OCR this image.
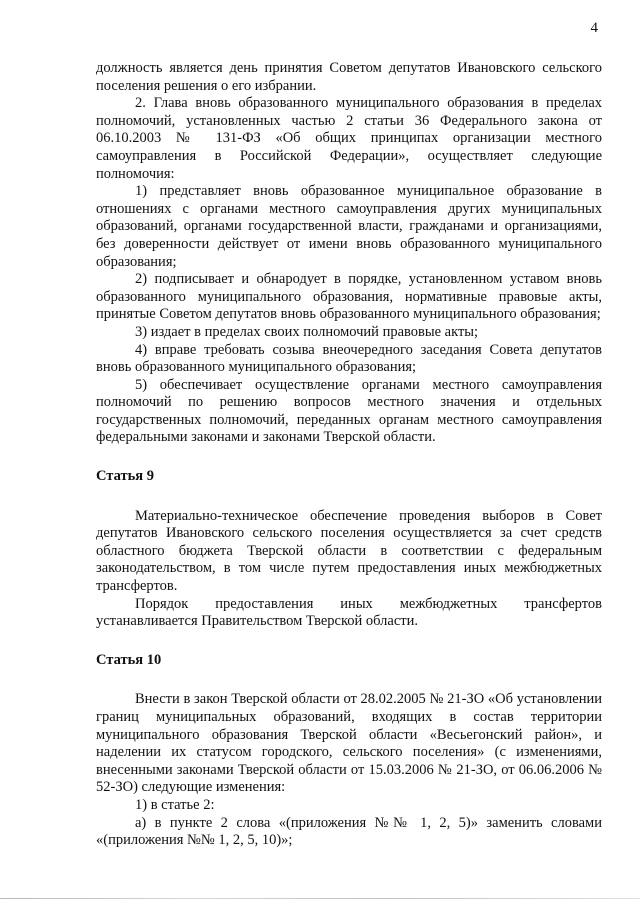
4

должность является день принятия Советом депутатов Ивановского сельского поселения решения о его избрании.

2. Глава вновь образованного муниципального образования в пределах полномочий, установленных частью 2 статьи 36 Федерального закона от 06.10.2003 № 131-ФЗ «Об общих принципах организации местного самоуправления в Российской Федерации», осуществляет следующие полномочия:

1) представляет вновь образованное муниципальное образование в отношениях с органами местного самоуправления других муниципальных образований, органами государственной власти, гражданами и организациями, без доверенности действует от имени вновь образованного муниципального образования;

2) подписывает и обнародует в порядке, установленном уставом вновь образованного муниципального образования, нормативные правовые акты, принятые Советом депутатов вновь образованного муниципального образования;

3) издает в пределах своих полномочий правовые акты;

4) вправе требовать созыва внеочередного заседания Совета депутатов вновь образованного муниципального образования;

5) обеспечивает осуществление органами местного самоуправления полномочий по решению вопросов местного значения и отдельных государственных полномочий, переданных органам местного самоуправления федеральными законами и законами Тверской области.

Статья 9

Материально-техническое обеспечение проведения выборов в Совет депутатов Ивановского сельского поселения осуществляется за счет средств областного бюджета Тверской области в соответствии с федеральным законодательством, в том числе путем предоставления иных межбюджетных трансфертов.

Порядок предоставления иных межбюджетных трансфертов устанавливается Правительством Тверской области.

Статья 10

Внести в закон Тверской области от 28.02.2005 № 21-ЗО «Об установлении границ муниципальных образований, входящих в состав территории муниципального образования Тверской области «Весьегонский район», и наделении их статусом городского, сельского поселения» (с изменениями, внесенными законами Тверской области от 15.03.2006 № 21-ЗО, от 06.06.2006 № 52-ЗО) следующие изменения:

1) в статье 2:

а) в пункте 2 слова «(приложения №№ 1, 2, 5)» заменить словами «(приложения №№ 1, 2, 5, 10)»;
